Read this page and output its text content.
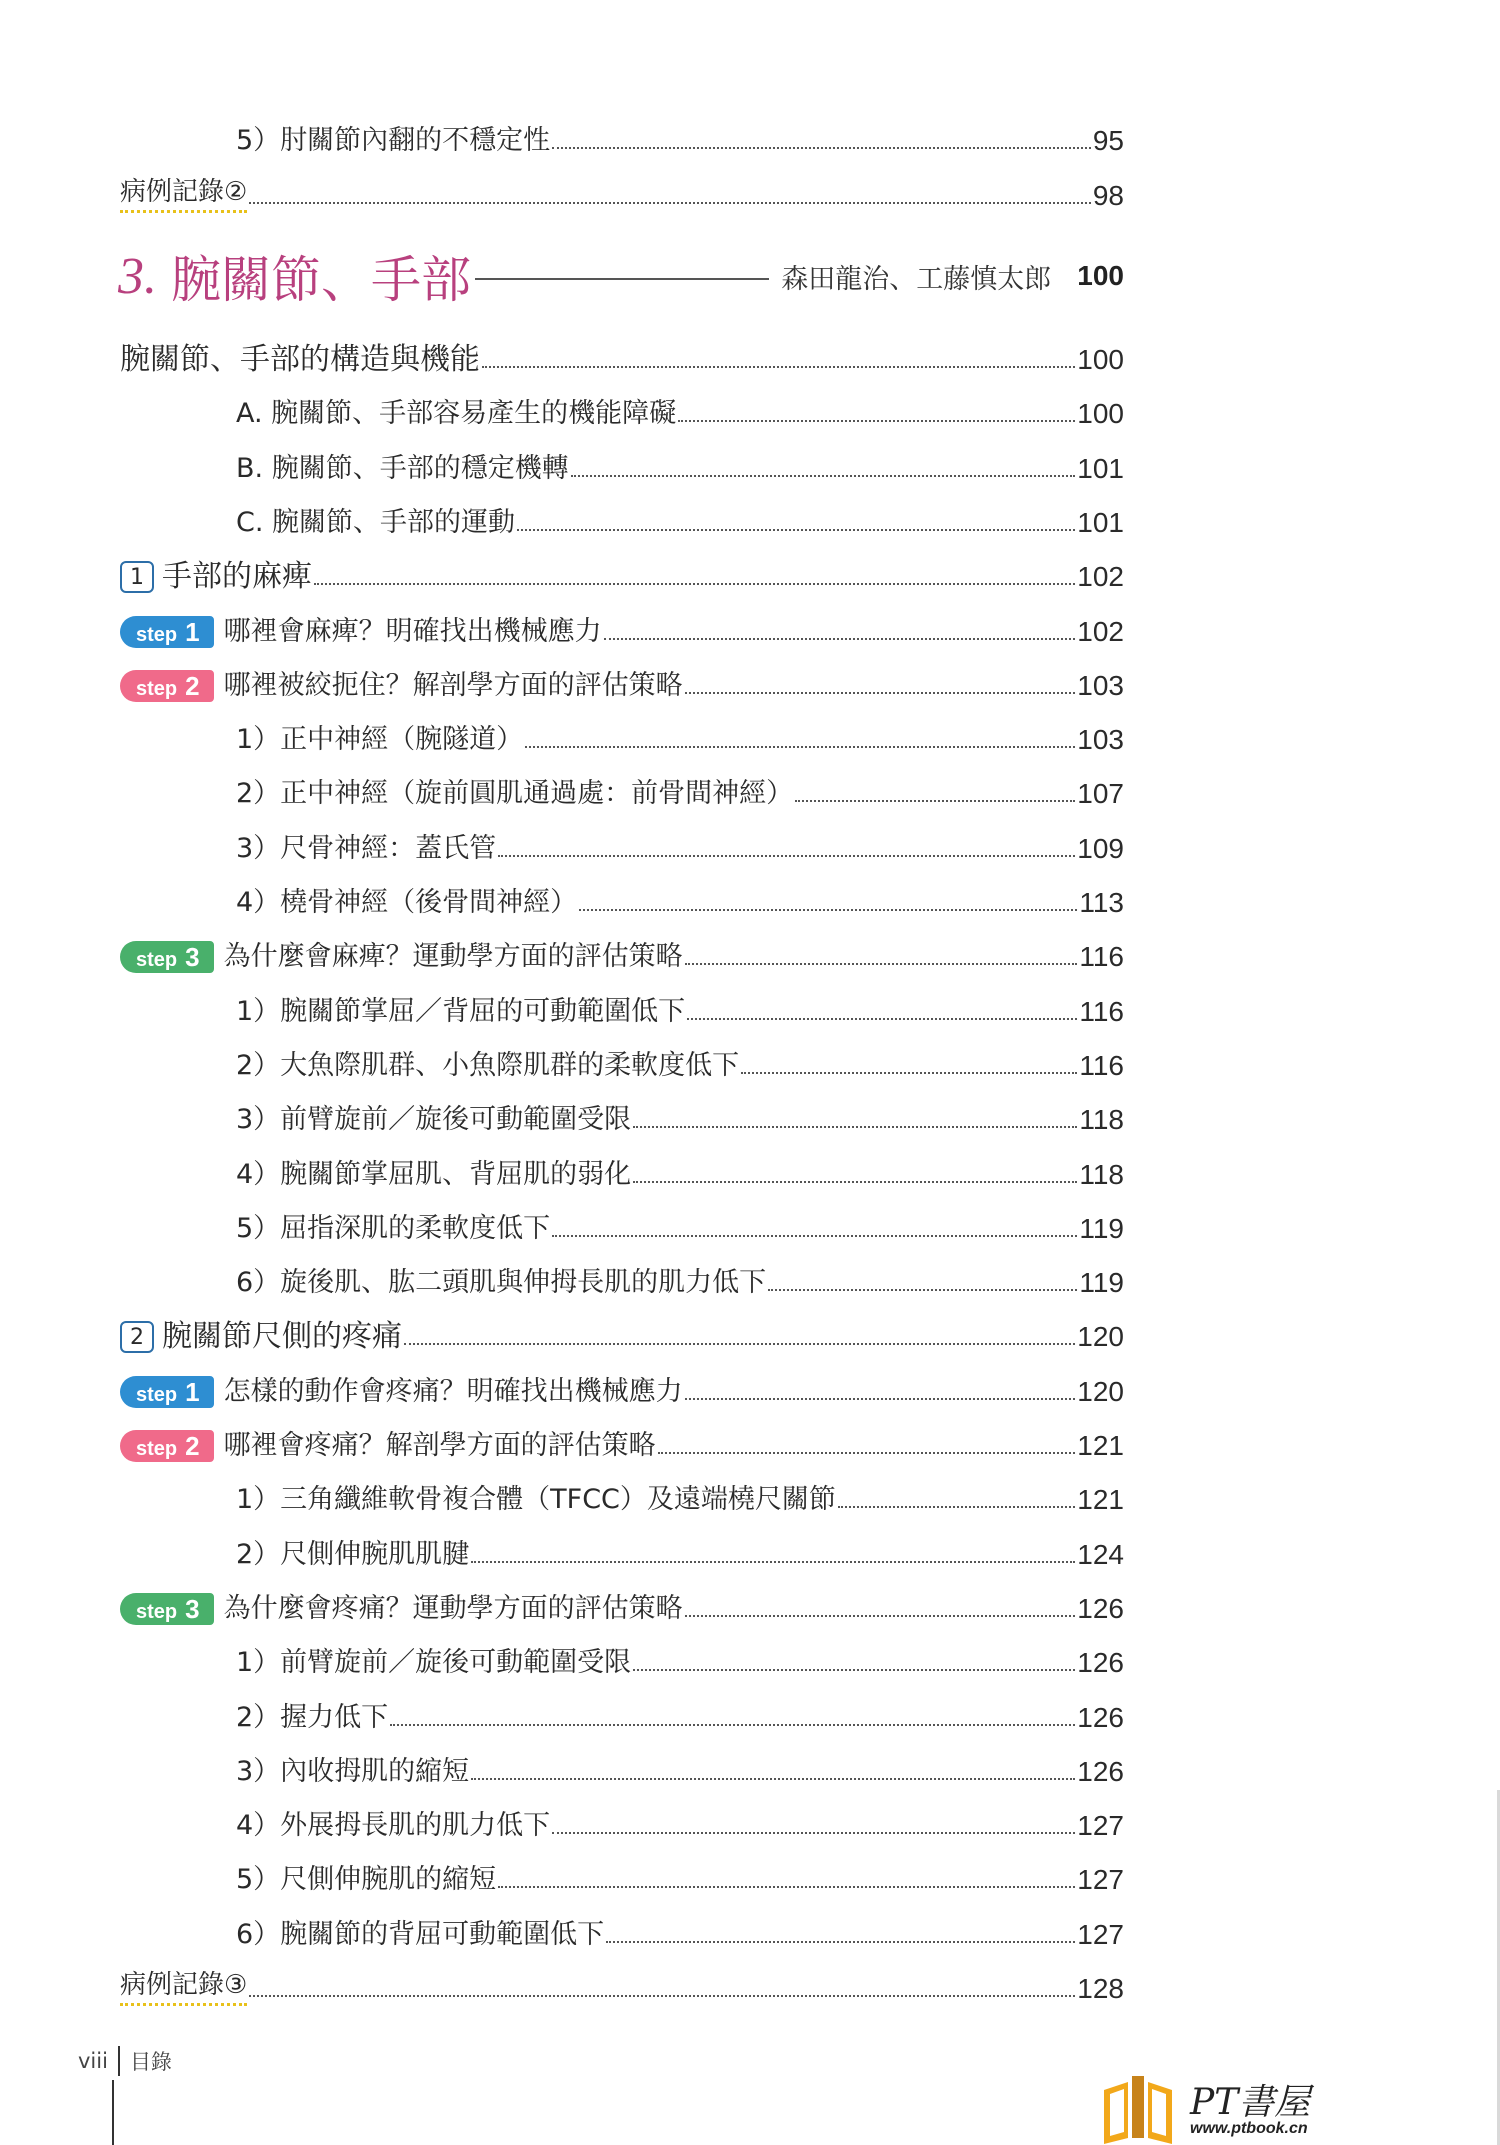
5）肘關節內翻的不穩定性	95
病例記錄②	98
3. 腕關節、手部	森田龍治、工藤慎太郎 100
腕關節、手部的構造與機能	100
A. 腕關節、手部容易產生的機能障礙	100
B. 腕關節、手部的穩定機轉	101
C. 腕關節、手部的運動	101
1 手部的麻痺	102
step 1 哪裡會麻痺？明確找出機械應力	102
step 2 哪裡被絞扼住？解剖學方面的評估策略	103
1）正中神經（腕隧道）	103
2）正中神經（旋前圓肌通過處：前骨間神經）	107
3）尺骨神經：蓋氏管	109
4）橈骨神經（後骨間神經）	113
step 3 為什麼會麻痺？運動學方面的評估策略	116
1）腕關節掌屈／背屈的可動範圍低下	116
2）大魚際肌群、小魚際肌群的柔軟度低下	116
3）前臂旋前／旋後可動範圍受限	118
4）腕關節掌屈肌、背屈肌的弱化	118
5）屈指深肌的柔軟度低下	119
6）旋後肌、肱二頭肌與伸拇長肌的肌力低下	119
2 腕關節尺側的疼痛	120
step 1 怎樣的動作會疼痛？明確找出機械應力	120
step 2 哪裡會疼痛？解剖學方面的評估策略	121
1）三角纖維軟骨複合體（TFCC）及遠端橈尺關節	121
2）尺側伸腕肌肌腱	124
step 3 為什麼會疼痛？運動學方面的評估策略	126
1）前臂旋前／旋後可動範圍受限	126
2）握力低下	126
3）內收拇肌的縮短	126
4）外展拇長肌的肌力低下	127
5）尺側伸腕肌的縮短	127
6）腕關節的背屈可動範圍低下	127
病例記錄③	128
viii 目錄
PT書屋
www.ptbook.cn
